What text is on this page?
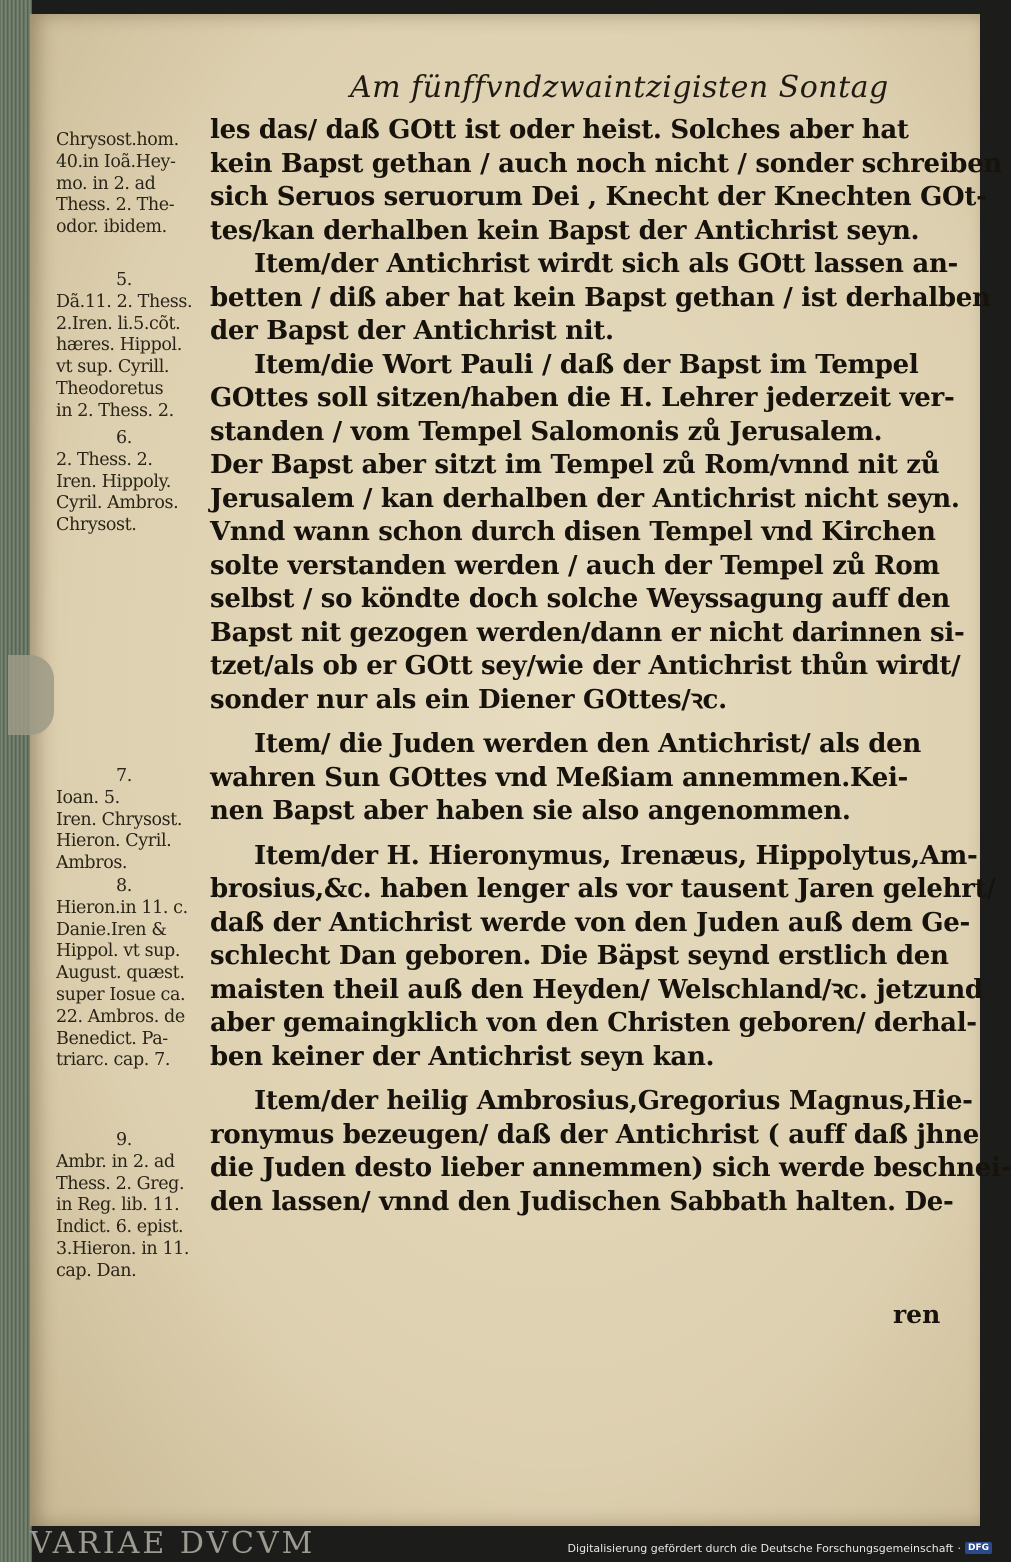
Am fünffvndzwaintzigisten Sontag
Chrysost.hom.
40.in Ioã.Hey-
mo. in 2. ad
Thess. 2. The-
odor. ibidem.
5.
Dã.11. 2. Thess.
2.Iren. li.5.cõt.
hæres. Hippol.
vt sup. Cyrill.
Theodoretus
in 2. Thess. 2.
6.
2. Thess. 2.
Iren. Hippoly.
Cyril. Ambros.
Chrysost.
7.
Ioan. 5.
Iren. Chrysost.
Hieron. Cyril.
Ambros.
8.
Hieron.in 11. c.
Danie.Iren &
Hippol. vt sup.
August. quæst.
super Iosue ca.
22. Ambros. de
Benedict. Pa-
triarc. cap. 7.
9.
Ambr. in 2. ad
Thess. 2. Greg.
in Reg. lib. 11.
Indict. 6. epist.
3.Hieron. in 11.
cap. Dan.

les das/ daß GOtt ist oder heist. Solches aber hat
kein Bapst gethan / auch noch nicht / sonder schreiben
sich Seruos seruorum Dei , Knecht der Knechten GOt-
tes/kan derhalben kein Bapst der Antichrist seyn.

Item/der Antichrist wirdt sich als GOtt lassen an-
betten / diß aber hat kein Bapst gethan / ist derhalben
der Bapst der Antichrist nit.

Item/die Wort Pauli / daß der Bapst im Tempel
GOttes soll sitzen/haben die H. Lehrer jederzeit ver-
standen / vom Tempel Salomonis zů Jerusalem.
Der Bapst aber sitzt im Tempel zů Rom/vnnd nit zů
Jerusalem / kan derhalben der Antichrist nicht seyn.
Vnnd wann schon durch disen Tempel vnd Kirchen
solte verstanden werden / auch der Tempel zů Rom
selbst / so köndte doch solche Weyssagung auff den
Bapst nit gezogen werden/dann er nicht darinnen si-
tzet/als ob er GOtt sey/wie der Antichrist thůn wirdt/
sonder nur als ein Diener GOttes/ꝛc.

Item/ die Juden werden den Antichrist/ als den
wahren Sun GOttes vnd Meßiam annemmen.Kei-
nen Bapst aber haben sie also angenommen.

Item/der H. Hieronymus, Irenæus, Hippolytus,Am-
brosius,&c. haben lenger als vor tausent Jaren gelehrt/
daß der Antichrist werde von den Juden auß dem Ge-
schlecht Dan geboren. Die Bäpst seynd erstlich den
maisten theil auß den Heyden/ Welschland/ꝛc. jetzund
aber gemaingklich von den Christen geboren/ derhal-
ben keiner der Antichrist seyn kan.

Item/der heilig Ambrosius,Gregorius Magnus,Hie-
ronymus bezeugen/ daß der Antichrist ( auff daß jhne
die Juden desto lieber annemmen) sich werde beschnei-
den lassen/ vnnd den Judischen Sabbath halten. De-

ren
VARIAE DVCVM	Digitalisierung gefördert durch die Deutsche Forschungsgemeinschaft · DFG
